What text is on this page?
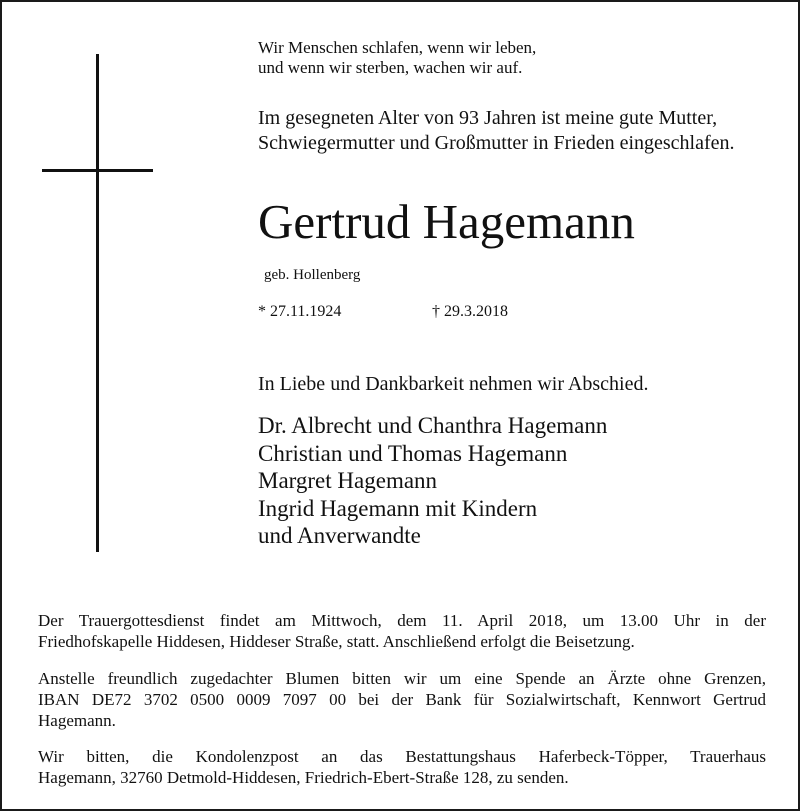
Wir Menschen schlafen, wenn wir leben,
und wenn wir sterben, wachen wir auf.
Im gesegneten Alter von 93 Jahren ist meine gute Mutter,
Schwiegermutter und Großmutter in Frieden eingeschlafen.
Gertrud Hagemann
geb. Hollenberg
* 27.11.1924	† 29.3.2018
In Liebe und Dankbarkeit nehmen wir Abschied.
Dr. Albrecht und Chanthra Hagemann
Christian und Thomas Hagemann
Margret Hagemann
Ingrid Hagemann mit Kindern
und Anverwandte
Der Trauergottesdienst findet am Mittwoch, dem 11. April 2018, um 13.00 Uhr in der
Friedhofskapelle Hiddesen, Hiddeser Straße, statt. Anschließend erfolgt die Beisetzung.
Anstelle freundlich zugedachter Blumen bitten wir um eine Spende an Ärzte ohne Grenzen,
IBAN DE72 3702 0500 0009 7097 00 bei der Bank für Sozialwirtschaft, Kennwort Gertrud
Hagemann.
Wir bitten, die Kondolenzpost an das Bestattungshaus Haferbeck-Töpper, Trauerhaus
Hagemann, 32760 Detmold-Hiddesen, Friedrich-Ebert-Straße 128, zu senden.
